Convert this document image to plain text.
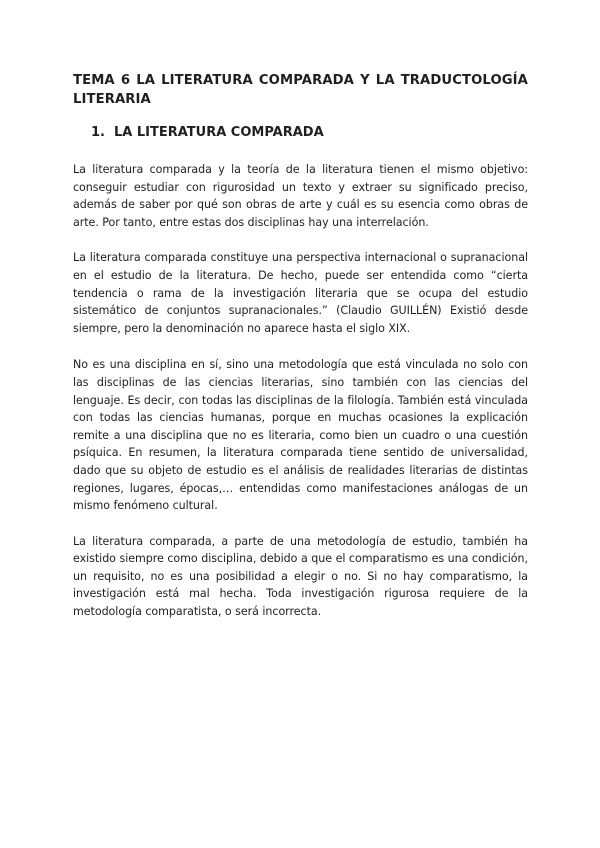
TEMA 6 LA LITERATURA COMPARADA Y LA TRADUCTOLOGÍA LITERARIA
1. LA LITERATURA COMPARADA

La literatura comparada y la teoría de la literatura tienen el mismo objetivo: conseguir estudiar con rigurosidad un texto y extraer su significado preciso, además de saber por qué son obras de arte y cuál es su esencia como obras de arte. Por tanto, entre estas dos disciplinas hay una interrelación.

La literatura comparada constituye una perspectiva internacional o supranacional en el estudio de la literatura. De hecho, puede ser entendida como “cierta tendencia o rama de la investigación literaria que se ocupa del estudio sistemático de conjuntos supranacionales.” (Claudio GUILLÉN) Existió desde siempre, pero la denominación no aparece hasta el siglo XIX.

No es una disciplina en sí, sino una metodología que está vinculada no solo con las disciplinas de las ciencias literarias, sino también con las ciencias del lenguaje. Es decir, con todas las disciplinas de la filología. También está vinculada con todas las ciencias humanas, porque en muchas ocasiones la explicación remite a una disciplina que no es literaria, como bien un cuadro o una cuestión psíquica. En resumen, la literatura comparada tiene sentido de universalidad, dado que su objeto de estudio es el análisis de realidades literarias de distintas regiones, lugares, épocas,… entendidas como manifestaciones análogas de un mismo fenómeno cultural.

La literatura comparada, a parte de una metodología de estudio, también ha existido siempre como disciplina, debido a que el comparatismo es una condición, un requisito, no es una posibilidad a elegir o no. Si no hay comparatismo, la investigación está mal hecha. Toda investigación rigurosa requiere de la metodología comparatista, o será incorrecta.
